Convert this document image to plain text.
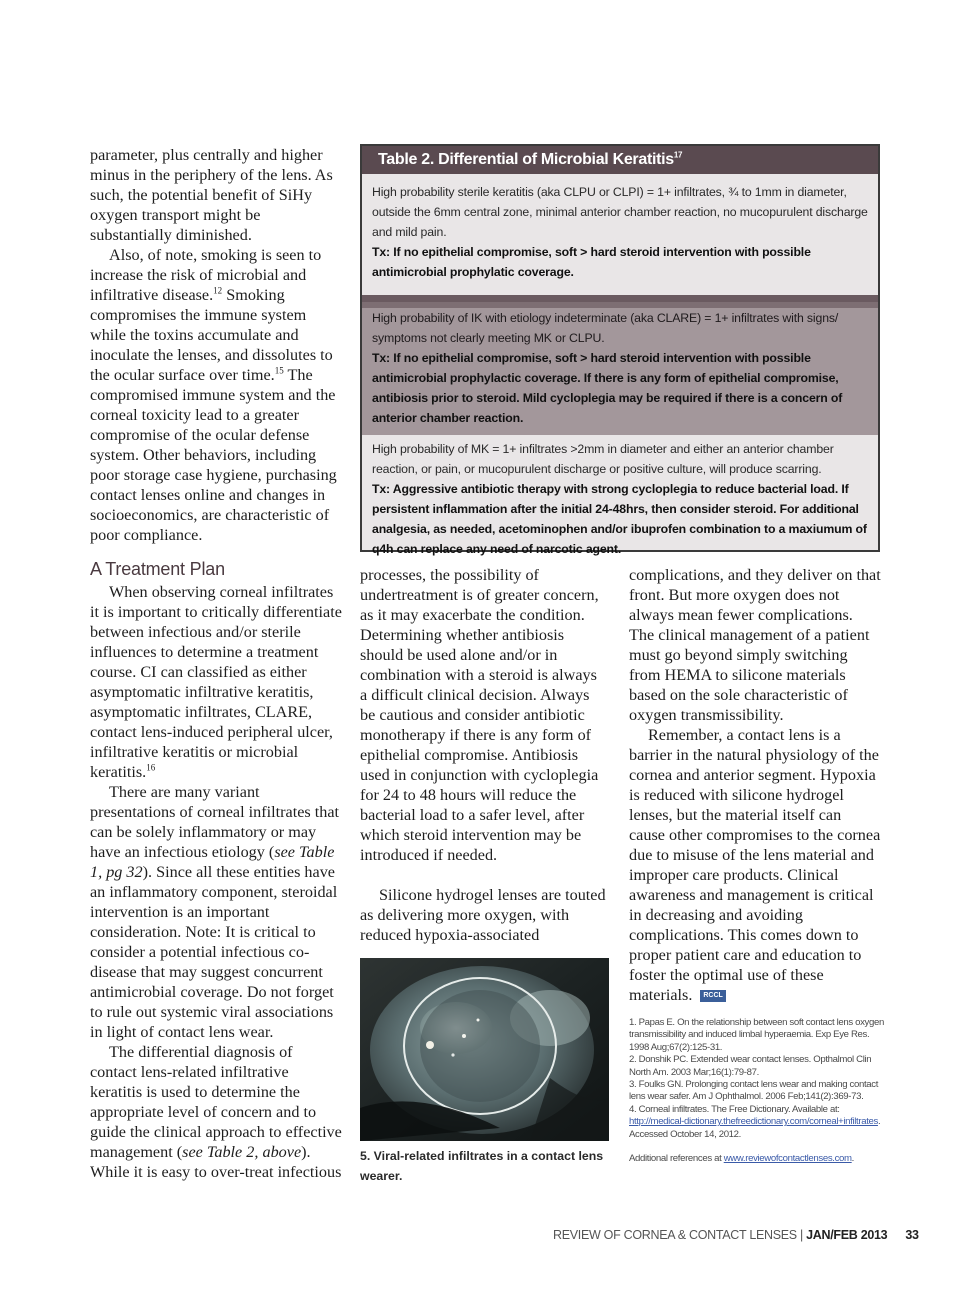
parameter, plus centrally and higher minus in the periphery of the lens. As such, the potential benefit of SiHy oxygen transport might be substantially diminished.

Also, of note, smoking is seen to increase the risk of microbial and infiltrative disease.$^{12}$ Smoking compromises the immune system while the toxins accumulate and inoculate the lenses, and dissolutes to the ocular surface over time.$^{15}$ The compromised immune system and the corneal toxicity lead to a greater compromise of the ocular defense system. Other behaviors, including poor storage case hygiene, purchasing contact lenses online and changes in socioeconomics, are characteristic of poor compliance.

A Treatment Plan

When observing corneal infiltrates it is important to critically differentiate between infectious and/or sterile influences to determine a treatment course. CI can classified as either asymptomatic infiltrative keratitis, asymptomatic infiltrates, CLARE, contact lens-induced peripheral ulcer, infiltrative keratitis or microbial keratitis.$^{16}$

There are many variant presentations of corneal infiltrates that can be solely inflammatory or may have an infectious etiology (see Table 1, pg 32). Since all these entities have an inflammatory component, steroidal intervention is an important consideration. Note: It is critical to consider a potential infectious co-disease that may suggest concurrent antimicrobial coverage. Do not forget to rule out systemic viral associations in light of contact lens wear.

The differential diagnosis of contact lens-related infiltrative keratitis is used to determine the appropriate level of concern and to guide the clinical approach to effective management (see Table 2, above). While it is easy to over-treat infectious

Table 2. Differential of Microbial Keratitis$^{17}$
High probability sterile keratitis (aka CLPU or CLPI) = 1+ infiltrates, ¾ to 1mm in diameter, outside the 6mm central zone, minimal anterior chamber reaction, no mucopurulent discharge and mild pain.
Tx: If no epithelial compromise, soft > hard steroid intervention with possible antimicrobial prophylatic coverage.
High probability of IK with etiology indeterminate (aka CLARE) = 1+ infiltrates with signs/ symptoms not clearly meeting MK or CLPU.
Tx: If no epithelial compromise, soft > hard steroid intervention with possible antimicrobial prophylactic coverage. If there is any form of epithelial compromise, antibiosis prior to steroid. Mild cycloplegia may be required if there is a concern of anterior chamber reaction.
High probability of MK = 1+ infiltrates >2mm in diameter and either an anterior chamber reaction, or pain, or mucopurulent discharge or positive culture, will produce scarring.
Tx: Aggressive antibiotic therapy with strong cycloplegia to reduce bacterial load. If persistent inflammation after the initial 24-48hrs, then consider steroid. For additional analgesia, as needed, acetominophen and/or ibuprofen combination to a maxiumum of q4h can replace any need of narcotic agent.

processes, the possibility of undertreatment is of greater concern, as it may exacerbate the condition. Determining whether antibiosis should be used alone and/or in combination with a steroid is always a difficult clinical decision. Always be cautious and consider antibiotic monotherapy if there is any form of epithelial compromise. Antibiosis used in conjunction with cycloplegia for 24 to 48 hours will reduce the bacterial load to a safer level, after which steroid intervention may be introduced if needed.

Silicone hydrogel lenses are touted as delivering more oxygen, with reduced hypoxia-associated

5. Viral-related infiltrates in a contact lens wearer.

complications, and they deliver on that front. But more oxygen does not always mean fewer complications. The clinical management of a patient must go beyond simply switching from HEMA to silicone materials based on the sole characteristic of oxygen transmissibility.

Remember, a contact lens is a barrier in the natural physiology of the cornea and anterior segment. Hypoxia is reduced with silicone hydrogel lenses, but the material itself can cause other compromises to the cornea due to misuse of the lens material and improper care products. Clinical awareness and management is critical in decreasing and avoiding complications. This comes down to proper patient care and education to foster the optimal use of these materials. RCCL

1. Papas E. On the relationship between soft contact lens oxygen transmissibility and induced limbal hyperaemia. Exp Eye Res. 1998 Aug;67(2):125-31.

2. Donshik PC. Extended wear contact lenses. Opthalmol Clin North Am. 2003 Mar;16(1):79-87.

3. Foulks GN. Prolonging contact lens wear and making contact lens wear safer. Am J Ophthalmol. 2006 Feb;141(2):369-73.

4. Corneal infiltrates. The Free Dictionary. Available at: http://medical-dictionary.thefreedictionary.com/corneal+infiltrates. Accessed October 14, 2012.

Additional references at www.reviewofcontactlenses.com.

REVIEW OF CORNEA & CONTACT LENSES | JAN/FEB 2013 33
